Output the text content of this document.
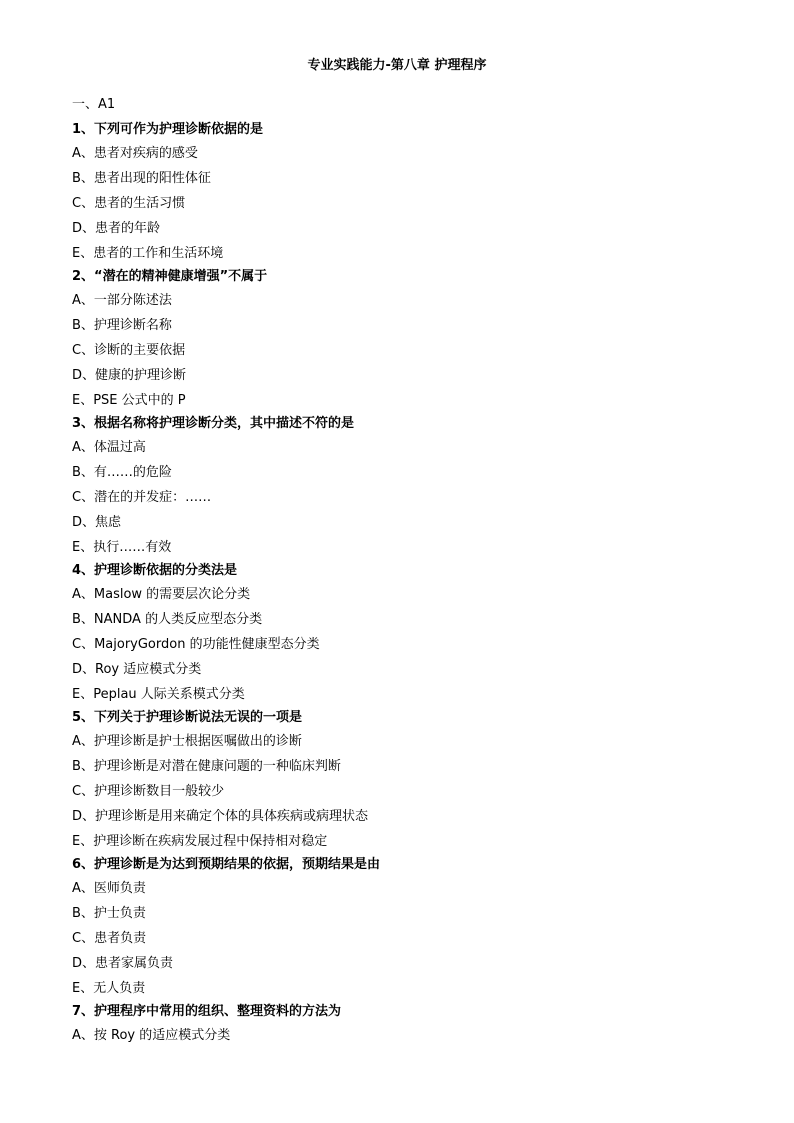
专业实践能力-第八章 护理程序
一、A1
1、下列可作为护理诊断依据的是
A、患者对疾病的感受
B、患者出现的阳性体征
C、患者的生活习惯
D、患者的年龄
E、患者的工作和生活环境
2、“潜在的精神健康增强”不属于
A、一部分陈述法
B、护理诊断名称
C、诊断的主要依据
D、健康的护理诊断
E、PSE 公式中的 P
3、根据名称将护理诊断分类，其中描述不符的是
A、体温过高
B、有……的危险
C、潜在的并发症：……
D、焦虑
E、执行……有效
4、护理诊断依据的分类法是
A、Maslow 的需要层次论分类
B、NANDA 的人类反应型态分类
C、MajoryGordon 的功能性健康型态分类
D、Roy 适应模式分类
E、Peplau 人际关系模式分类
5、下列关于护理诊断说法无误的一项是
A、护理诊断是护士根据医嘱做出的诊断
B、护理诊断是对潜在健康问题的一种临床判断
C、护理诊断数目一般较少
D、护理诊断是用来确定个体的具体疾病或病理状态
E、护理诊断在疾病发展过程中保持相对稳定
6、护理诊断是为达到预期结果的依据，预期结果是由
A、医师负责
B、护士负责
C、患者负责
D、患者家属负责
E、无人负责
7、护理程序中常用的组织、整理资料的方法为
A、按 Roy 的适应模式分类
